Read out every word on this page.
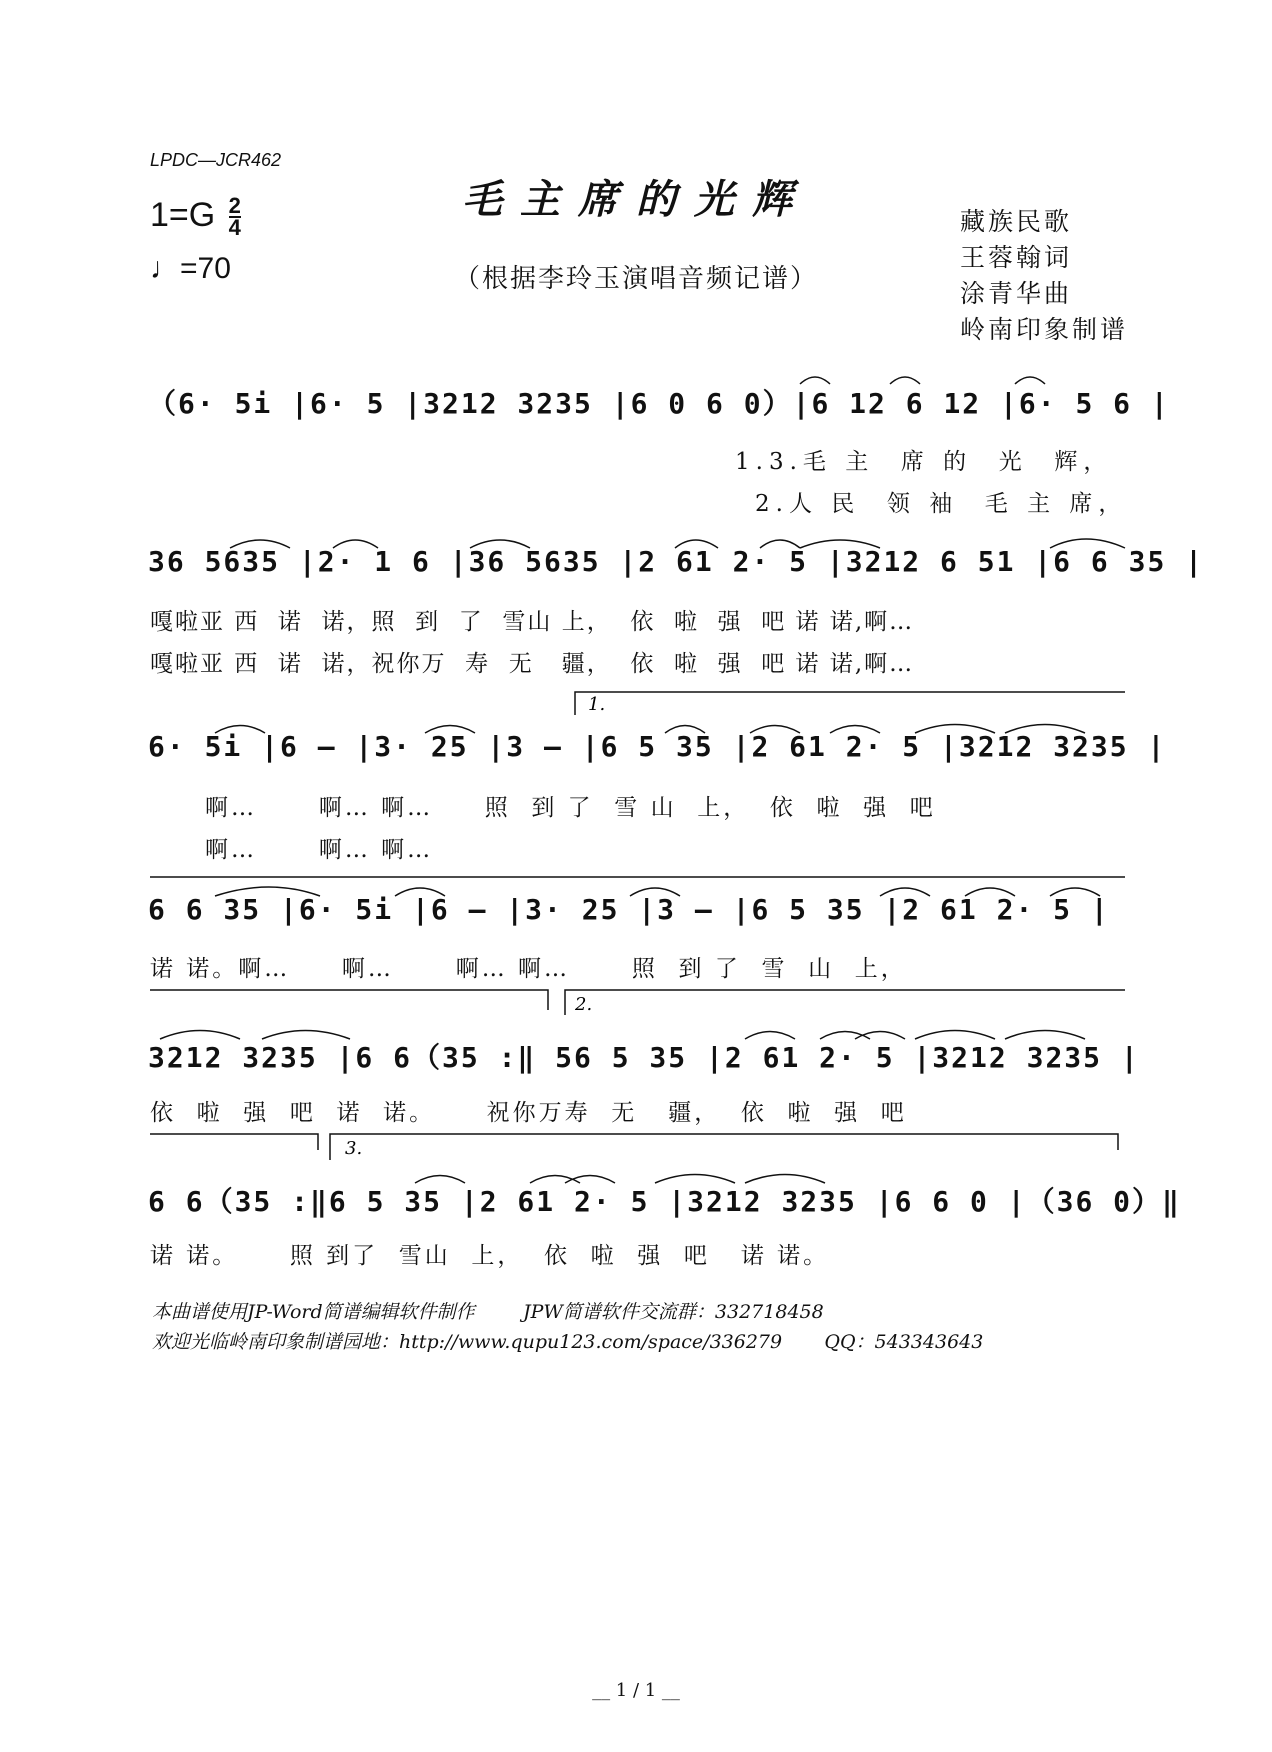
LPDC—JCR462
毛主席的光辉
（根据李玲玉演唱音频记谱）
$1=G \frac{2}{4}$
♩=70
藏族民歌
王蓉翰词
涂青华曲
岭南印象制谱
（6· 5i |6· 5 |3212 3235 |6 0 6 0）|6 12 6 12 |6· 5 6 |
1.3.毛 主  席 的  光  辉，
2.人 民  领 袖  毛 主 席，
36 5635 |2· 1 6 |36 5635 |2 61 2· 5 |3212 6 51 |6 6 35 |
嘎啦亚 西  诺  诺，照  到  了  雪山 上，  依  啦  强  吧 诺 诺,啊…
嘎啦亚 西  诺  诺，祝你万  寿  无   疆，  依  啦  强  吧 诺 诺,啊…
6· 5i |6 – |3· 25 |3 – |6 5 35 |2 61 2· 5 |3212 3235 |
啊…      啊… 啊…     照  到 了  雪 山  上，  依  啦  强  吧
啊…      啊… 啊…
6 6 35 |6· 5i |6 – |3· 25 |3 – |6 5 35 |2 61 2· 5 |
诺 诺。啊…     啊…      啊… 啊…      照  到 了  雪  山  上，
3212 3235 |6 6（35 :‖ 56 5 35 |2 61 2· 5 |3212 3235 |
依  啦  强  吧  诺  诺。     祝你万寿  无   疆，  依  啦  强  吧
6 6（35 :‖6 5 35 |2 61 2· 5 |3212 3235 |6 6 0 |（36 0）‖
诺 诺。     照 到了  雪山  上，  依  啦  强  吧   诺 诺。
1.
2.
3.
本曲谱使用JP-Word简谱编辑软件制作        JPW简谱软件交流群：332718458
欢迎光临岭南印象制谱园地：http://www.qupu123.com/space/336279       QQ：543343643
__ 1 / 1 __
